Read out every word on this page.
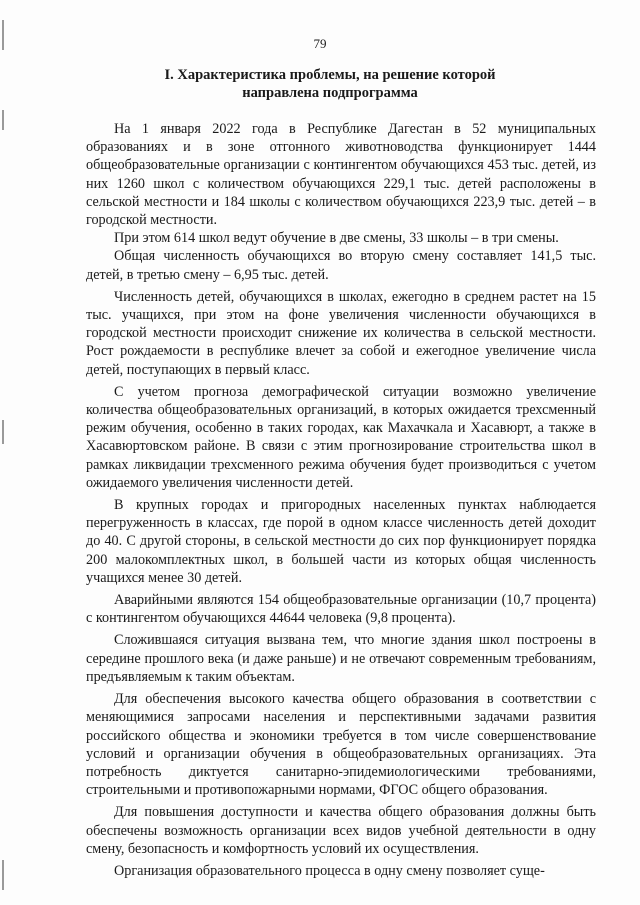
79
I. Характеристика проблемы, на решение которой
направлена подпрограмма

На 1 января 2022 года в Республике Дагестан в 52 муниципальных образованиях и в зоне отгонного животноводства функционирует 1444 общеобразовательные организации с контингентом обучающихся 453 тыс. детей, из них 1260 школ с количеством обучающихся 229,1 тыс. детей расположены в сельской местности и 184 школы с количеством обучающихся 223,9 тыс. детей – в городской местности.

При этом 614 школ ведут обучение в две смены, 33 школы – в три смены.

Общая численность обучающихся во вторую смену составляет 141,5 тыс. детей, в третью смену – 6,95 тыс. детей.

Численность детей, обучающихся в школах, ежегодно в среднем растет на 15 тыс. учащихся, при этом на фоне увеличения численности обучающихся в городской местности происходит снижение их количества в сельской местности. Рост рождаемости в республике влечет за собой и ежегодное увеличение числа детей, поступающих в первый класс.

С учетом прогноза демографической ситуации возможно увеличение количества общеобразовательных организаций, в которых ожидается трехсменный режим обучения, особенно в таких городах, как Махачкала и Хасавюрт, а также в Хасавюртовском районе. В связи с этим прогнозирование строительства школ в рамках ликвидации трехсменного режима обучения будет производиться с учетом ожидаемого увеличения численности детей.

В крупных городах и пригородных населенных пунктах наблюдается перегруженность в классах, где порой в одном классе численность детей доходит до 40. С другой стороны, в сельской местности до сих пор функционирует порядка 200 малокомплектных школ, в большей части из которых общая численность учащихся менее 30 детей.

Аварийными являются 154 общеобразовательные организации (10,7 процента) с контингентом обучающихся 44644 человека (9,8 процента).

Сложившаяся ситуация вызвана тем, что многие здания школ построены в середине прошлого века (и даже раньше) и не отвечают современным требованиям, предъявляемым к таким объектам.

Для обеспечения высокого качества общего образования в соответствии с меняющимися запросами населения и перспективными задачами развития российского общества и экономики требуется в том числе совершенствование условий и организации обучения в общеобразовательных организациях. Эта потребность диктуется санитарно-эпидемиологическими требованиями, строительными и противопожарными нормами, ФГОС общего образования.

Для повышения доступности и качества общего образования должны быть обеспечены возможность организации всех видов учебной деятельности в одну смену, безопасность и комфортность условий их осуществления.

Организация образовательного процесса в одну смену позволяет суще-
